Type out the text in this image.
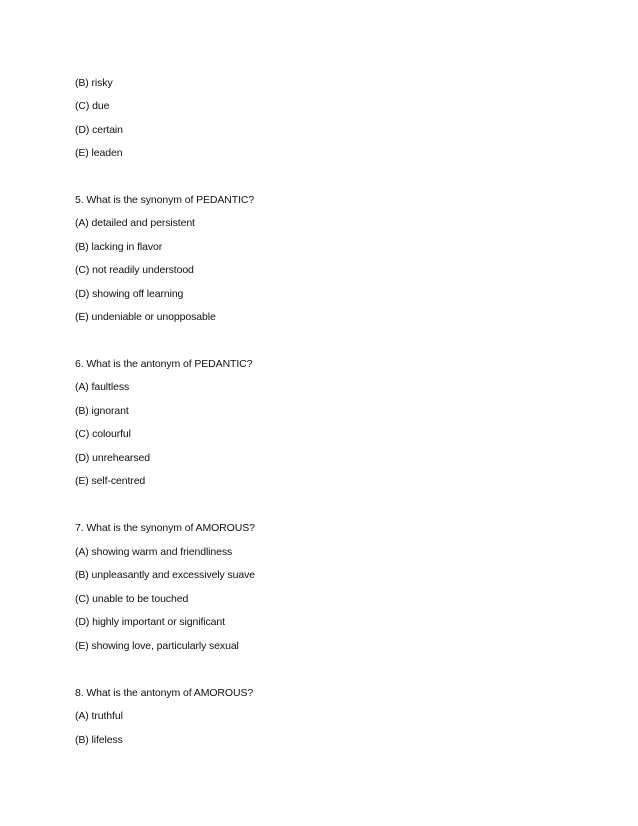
(B) risky
(C) due
(D) certain
(E) leaden
5. What is the synonym of PEDANTIC?
(A) detailed and persistent
(B) lacking in flavor
(C) not readily understood
(D) showing off learning
(E) undeniable or unopposable
6. What is the antonym of PEDANTIC?
(A) faultless
(B) ignorant
(C) colourful
(D) unrehearsed
(E) self-centred
7. What is the synonym of AMOROUS?
(A) showing warm and friendliness
(B) unpleasantly and excessively suave
(C) unable to be touched
(D) highly important or significant
(E) showing love, particularly sexual
8. What is the antonym of AMOROUS?
(A) truthful
(B) lifeless
